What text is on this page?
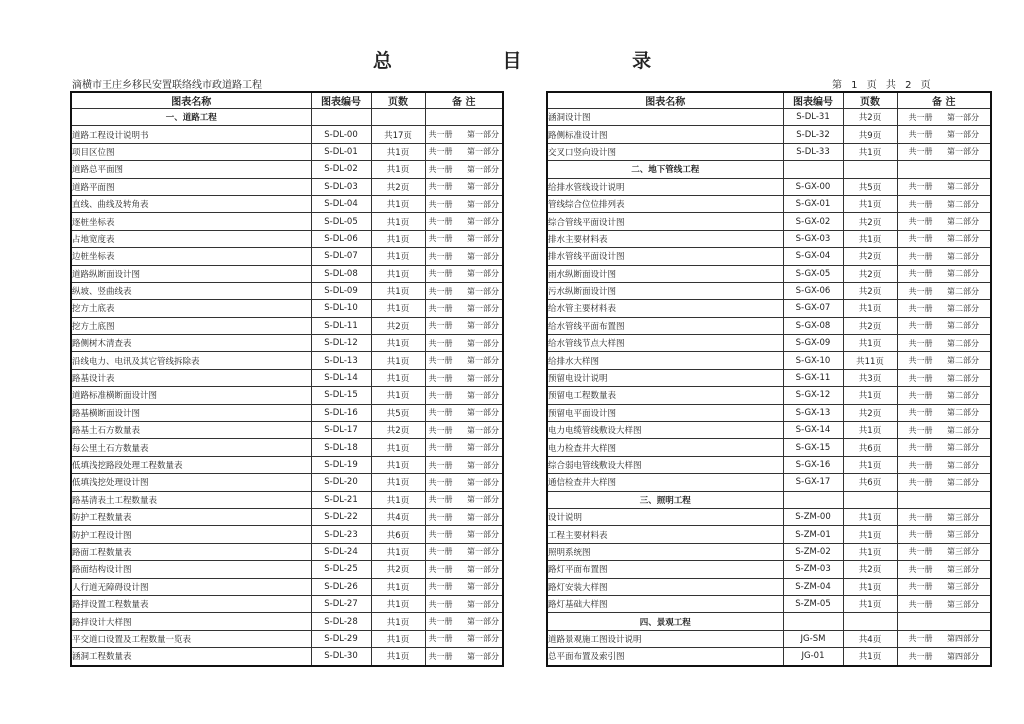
总 目 录
滴横市王庄乡移民安置联络线市政道路工程	第 1 页 共 2 页
图表名称	图表编号	页数	备 注
一、道路工程			
道路工程设计说明书	S-DL-00	共17页	共一册 第一部分
项目区位图	S-DL-01	共1页	共一册 第一部分
道路总平面图	S-DL-02	共1页	共一册 第一部分
道路平面图	S-DL-03	共2页	共一册 第一部分
直线、曲线及转角表	S-DL-04	共1页	共一册 第一部分
逐桩坐标表	S-DL-05	共1页	共一册 第一部分
占地宽度表	S-DL-06	共1页	共一册 第一部分
边桩坐标表	S-DL-07	共1页	共一册 第一部分
道路纵断面设计图	S-DL-08	共1页	共一册 第一部分
纵坡、竖曲线表	S-DL-09	共1页	共一册 第一部分
挖方土底表	S-DL-10	共1页	共一册 第一部分
挖方土底图	S-DL-11	共2页	共一册 第一部分
路侧树木清查表	S-DL-12	共1页	共一册 第一部分
沿线电力、电讯及其它管线拆除表	S-DL-13	共1页	共一册 第一部分
路基设计表	S-DL-14	共1页	共一册 第一部分
道路标准横断面设计图	S-DL-15	共1页	共一册 第一部分
路基横断面设计图	S-DL-16	共5页	共一册 第一部分
路基土石方数量表	S-DL-17	共2页	共一册 第一部分
每公里土石方数量表	S-DL-18	共1页	共一册 第一部分
低填浅挖路段处理工程数量表	S-DL-19	共1页	共一册 第一部分
低填浅挖处理设计图	S-DL-20	共1页	共一册 第一部分
路基清表土工程数量表	S-DL-21	共1页	共一册 第一部分
防护工程数量表	S-DL-22	共4页	共一册 第一部分
防护工程设计图	S-DL-23	共6页	共一册 第一部分
路面工程数量表	S-DL-24	共1页	共一册 第一部分
路面结构设计图	S-DL-25	共2页	共一册 第一部分
人行道无障碍设计图	S-DL-26	共1页	共一册 第一部分
路拌设置工程数量表	S-DL-27	共1页	共一册 第一部分
路拌设计大样图	S-DL-28	共1页	共一册 第一部分
平交道口设置及工程数量一览表	S-DL-29	共1页	共一册 第一部分
涵洞工程数量表	S-DL-30	共1页	共一册 第一部分
图表名称	图表编号	页数	备 注
涵洞设计图	S-DL-31	共2页	共一册 第一部分
路侧标准设计图	S-DL-32	共9页	共一册 第一部分
交叉口竖向设计图	S-DL-33	共1页	共一册 第一部分
二、地下管线工程			
给排水管线设计说明	S-GX-00	共5页	共一册 第二部分
管线综合位位排列表	S-GX-01	共1页	共一册 第二部分
综合管线平面设计图	S-GX-02	共2页	共一册 第二部分
排水主要材料表	S-GX-03	共1页	共一册 第二部分
排水管线平面设计图	S-GX-04	共2页	共一册 第二部分
雨水纵断面设计图	S-GX-05	共2页	共一册 第二部分
污水纵断面设计图	S-GX-06	共2页	共一册 第二部分
给水管主要材料表	S-GX-07	共1页	共一册 第二部分
给水管线平面布置图	S-GX-08	共2页	共一册 第二部分
给水管线节点大样图	S-GX-09	共1页	共一册 第二部分
给排水大样图	S-GX-10	共11页	共一册 第二部分
预留电设计说明	S-GX-11	共3页	共一册 第二部分
预留电工程数量表	S-GX-12	共1页	共一册 第二部分
预留电平面设计图	S-GX-13	共2页	共一册 第二部分
电力电缆管线敷设大样图	S-GX-14	共1页	共一册 第二部分
电力检查井大样图	S-GX-15	共6页	共一册 第二部分
综合弱电管线敷设大样图	S-GX-16	共1页	共一册 第二部分
通信检查井大样图	S-GX-17	共6页	共一册 第二部分
三、照明工程			
设计说明	S-ZM-00	共1页	共一册 第三部分
工程主要材料表	S-ZM-01	共1页	共一册 第三部分
照明系统图	S-ZM-02	共1页	共一册 第三部分
路灯平面布置图	S-ZM-03	共2页	共一册 第三部分
路灯安装大样图	S-ZM-04	共1页	共一册 第三部分
路灯基础大样图	S-ZM-05	共1页	共一册 第三部分
四、景观工程			
道路景观施工图设计说明	JG-SM	共4页	共一册 第四部分
总平面布置及索引图	JG-01	共1页	共一册 第四部分
